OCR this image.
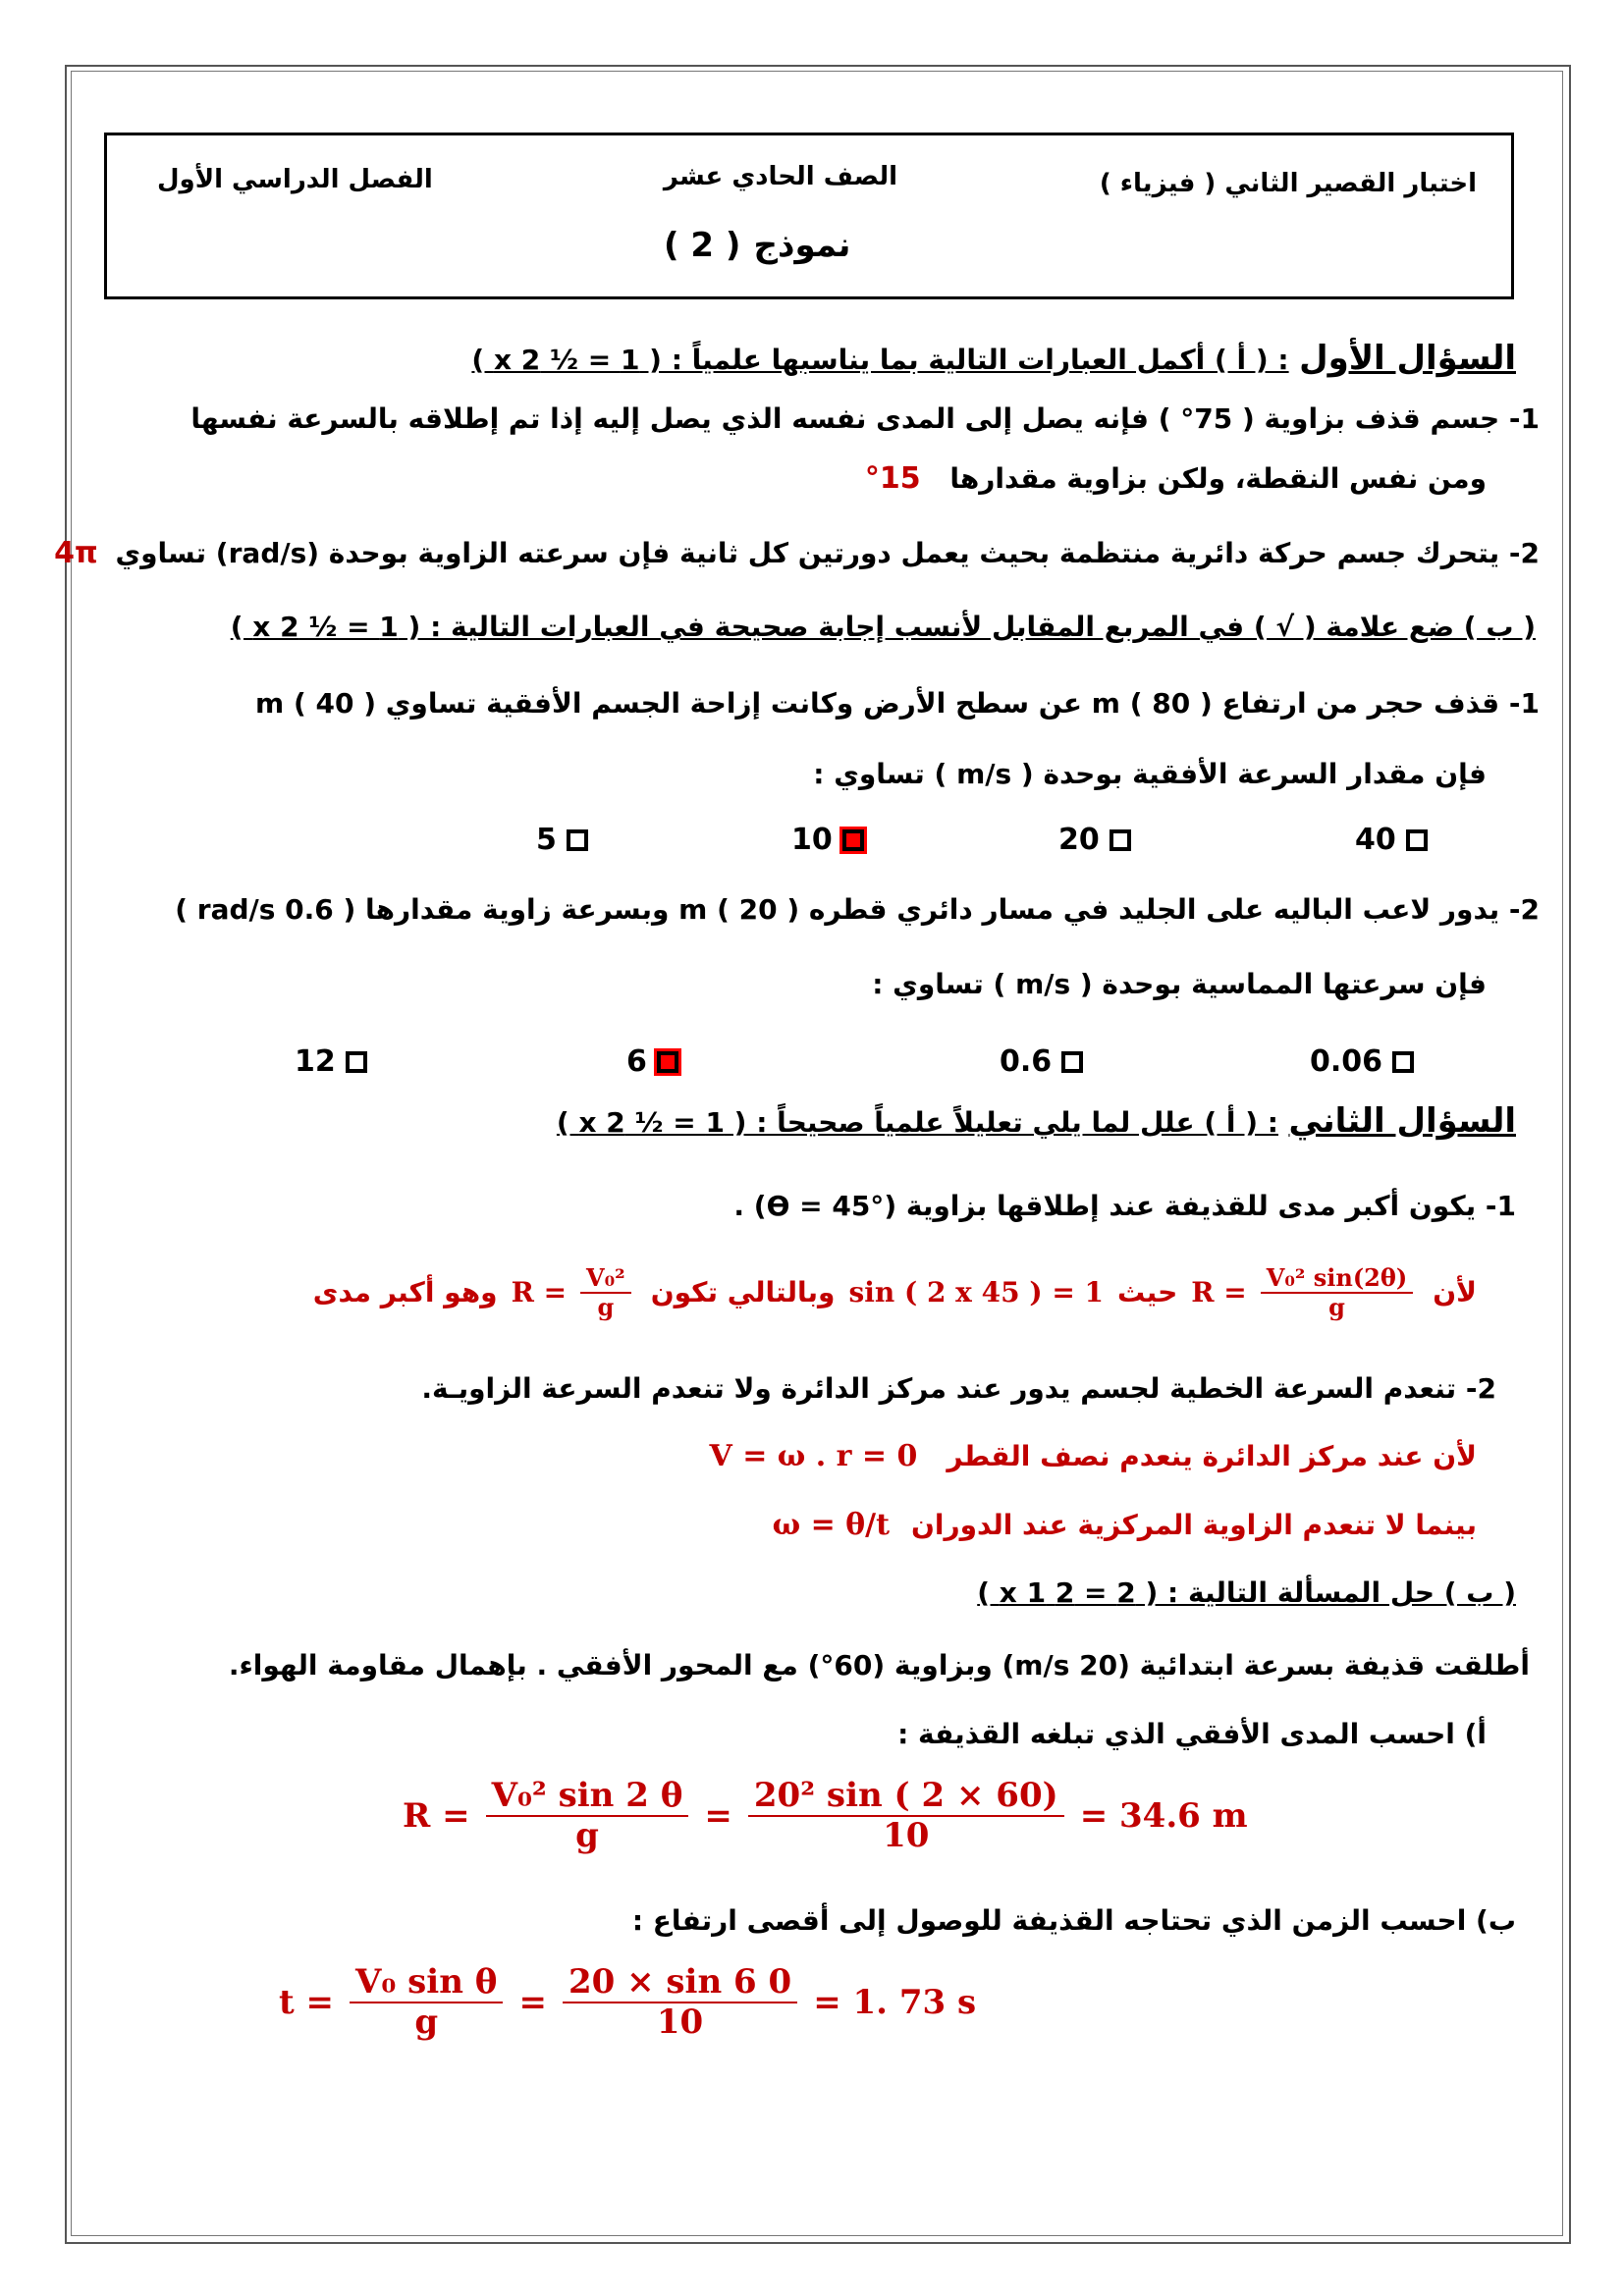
اختبار القصير الثاني ( فيزياء )
الصف الحادي عشر
الفصل الدراسي الأول
نموذج ( 2 )
السؤال الأول : ( أ ) أكمل العبارات التالية بما يناسبها علمياً : ( 1 = ½ x 2 )
1- جسم قذف بزاوية ( 75° ) فإنه يصل إلى المدى نفسه الذي يصل إليه إذا تم إطلاقه بالسرعة نفسها
ومن نفس النقطة، ولكن بزاوية مقدارها 15°
2- يتحرك جسم حركة دائرية منتظمة بحيث يعمل دورتين كل ثانية فإن سرعته الزاوية بوحدة (rad/s) تساوي 4π
( ب ) ضع علامة ( √ ) في المربع المقابل لأنسب إجابة صحيحة في العبارات التالية : ( 1 = ½ x 2 )
1- قذف حجر من ارتفاع m ( 80 ) عن سطح الأرض وكانت إزاحة الجسم الأفقية تساوي m ( 40 )
فإن مقدار السرعة الأفقية بوحدة ( m/s ) تساوي :
40
20
10
5
2- يدور لاعب الباليه على الجليد في مسار دائري قطره m ( 20 ) وبسرعة زاوية مقدارها ( 0.6 rad/s )
فإن سرعتها المماسية بوحدة ( m/s ) تساوي :
0.06
0.6
6
12
السؤال الثاني : ( أ ) علل لما يلي تعليلاً علمياً صحيحاً : ( 1 = ½ x 2 )
1- يكون أكبر مدى للقذيفة عند إطلاقها بزاوية (Ө = 45°) .
لأن
$R = \frac{\text{V₀² sin(2θ)}}{g}$
حيث
sin ( 2 x 45 ) = 1
وبالتالي تكون
$R = \frac{\text{V₀²}}{g}$
وهو أكبر مدى
2- تنعدم السرعة الخطية لجسم يدور عند مركز الدائرة ولا تنعدم السرعة الزاويـة.
لأن عند مركز الدائرة ينعدم نصف القطر
V = ω . r = 0
بينما لا تنعدم الزاوية المركزية عند الدوران
ω = θ/t
( ب ) حل المسألة التالية : ( 2 = 2 x 1 )
أطلقت قذيفة بسرعة ابتدائية (20 m/s) وبزاوية (60°) مع المحور الأفقي . بإهمال مقاومة الهواء.
أ) احسب المدى الأفقي الذي تبلغه القذيفة :
$R = \frac{\text{V₀² sin 2 θ}}{g} = \frac{\text{20² sin ( 2 × 60)}}{10} = 34.6$ m
ب) احسب الزمن الذي تحتاجه القذيفة للوصول إلى أقصى ارتفاع :
$t = \frac{\text{V₀ sin θ}}{g} = \frac{20 \times \sin 6 0}{10} = 1$. 73 s
